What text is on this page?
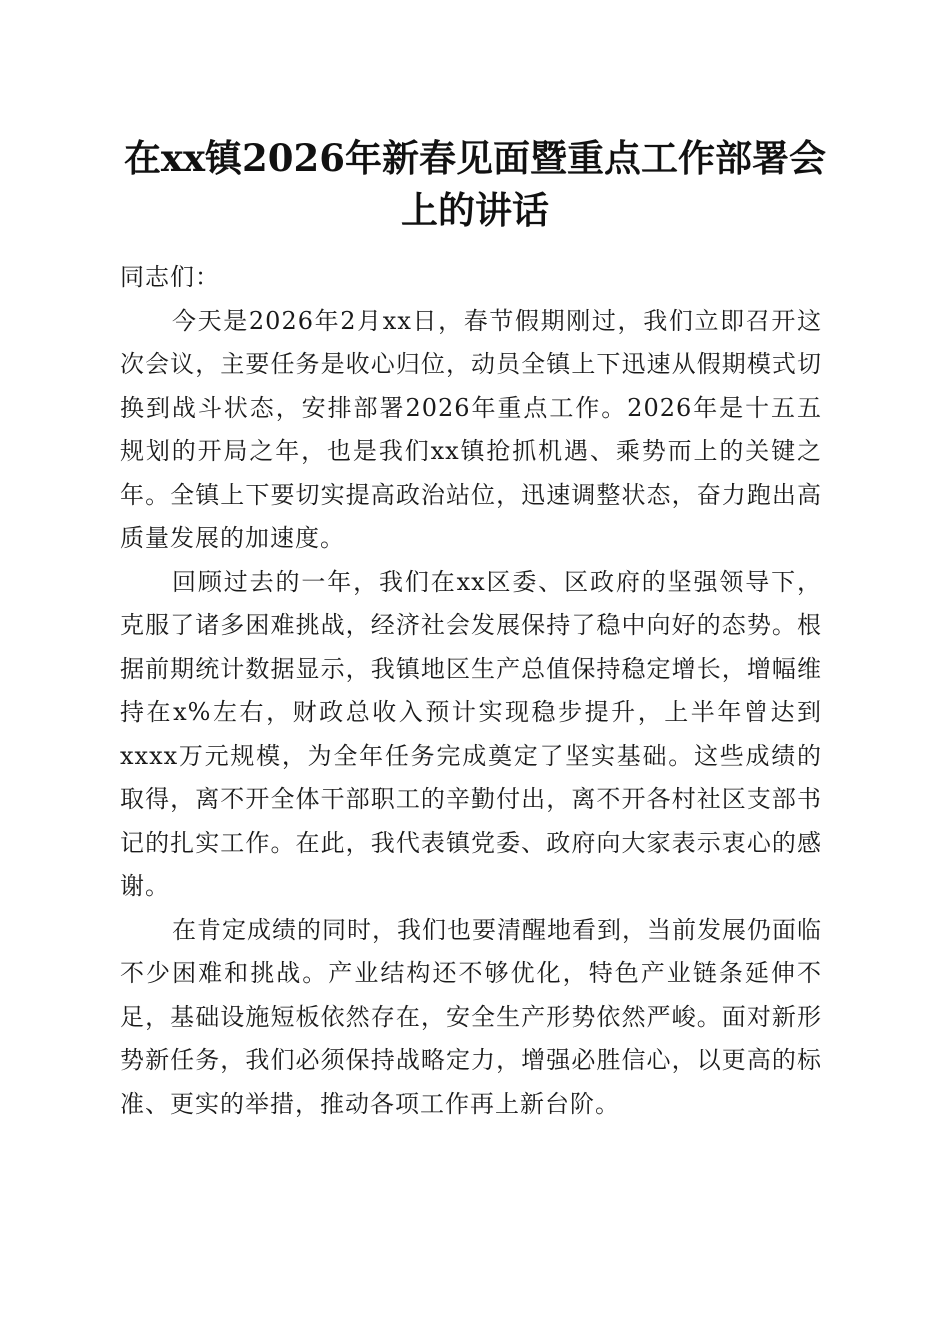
在xx镇2026年新春见面暨重点工作部署会上的讲话

同志们：

今天是2026年2月xx日，春节假期刚过，我们立即召开这次会议，主要任务是收心归位，动员全镇上下迅速从假期模式切换到战斗状态，安排部署2026年重点工作。2026年是十五五规划的开局之年，也是我们xx镇抢抓机遇、乘势而上的关键之年。全镇上下要切实提高政治站位，迅速调整状态，奋力跑出高质量发展的加速度。

回顾过去的一年，我们在xx区委、区政府的坚强领导下，克服了诸多困难挑战，经济社会发展保持了稳中向好的态势。根据前期统计数据显示，我镇地区生产总值保持稳定增长，增幅维持在x%左右，财政总收入预计实现稳步提升，上半年曾达到xxxx万元规模，为全年任务完成奠定了坚实基础。这些成绩的取得，离不开全体干部职工的辛勤付出，离不开各村社区支部书记的扎实工作。在此，我代表镇党委、政府向大家表示衷心的感谢。

在肯定成绩的同时，我们也要清醒地看到，当前发展仍面临不少困难和挑战。产业结构还不够优化，特色产业链条延伸不足，基础设施短板依然存在，安全生产形势依然严峻。面对新形势新任务，我们必须保持战略定力，增强必胜信心，以更高的标准、更实的举措，推动各项工作再上新台阶。
